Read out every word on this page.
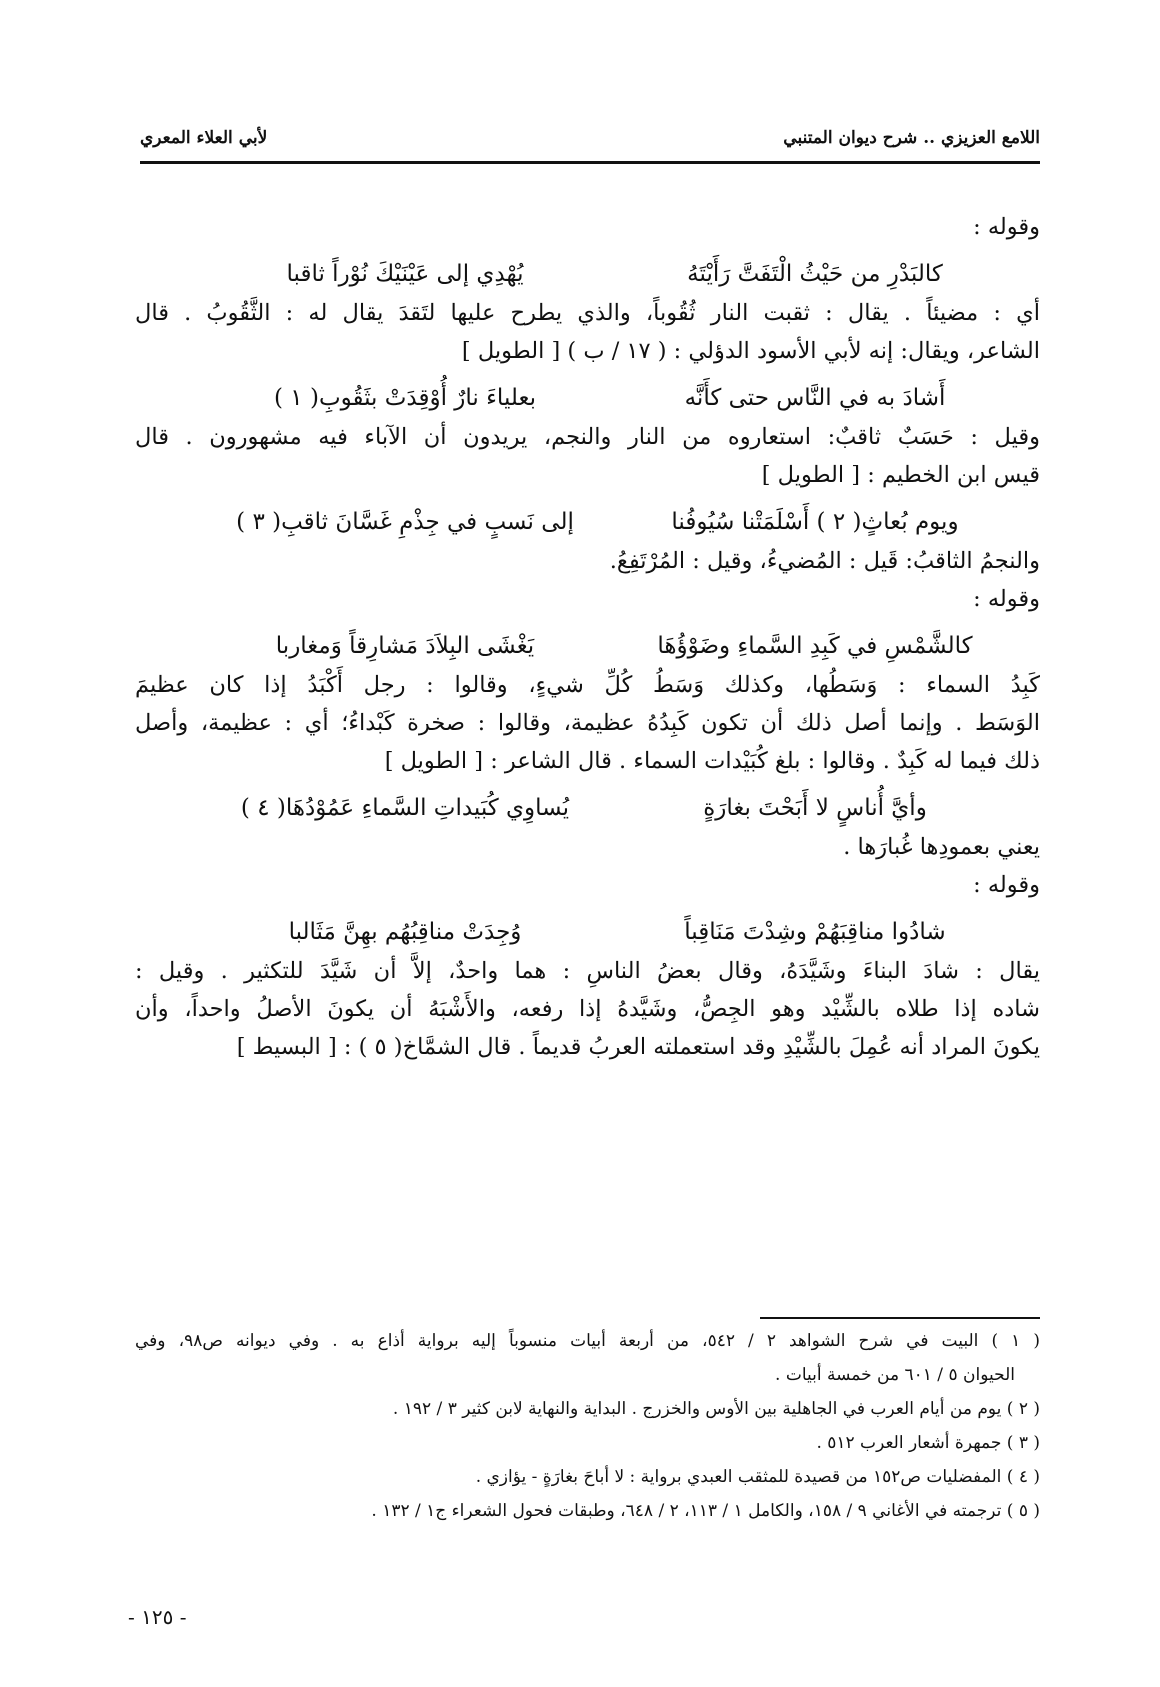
اللامع العزيزي .. شرح ديوان المتنبي
لأبي العلاء المعري
وقوله :
كالبَدْرِ من حَيْثُ الْتَفَتَّ رَأَيْتَهُ
يُهْدِي إلى عَيْنَيْكَ نُوْراً ثاقبا
أي : مضيئاً . يقال : ثقبت النار ثُقُوباً، والذي يطرح عليها لتَقدَ يقال له : الثَّقُوبُ . قال
الشاعر، ويقال: إنه لأبي الأسود الدؤلي : ( ١٧ / ب ) [ الطويل ]
أَشادَ به في النَّاس حتى كأَنَّه
بعلياءَ نارٌ أُوْقِدَتْ بثَقُوبِ( ١ )
وقيل : حَسَبٌ ثاقبٌ: استعاروه من النار والنجم، يريدون أن الآباء فيه مشهورون . قال
قيس ابن الخطيم : [ الطويل ]
ويوم بُعاثٍ( ٢ ) أَسْلَمَتْنا سُيُوفُنا
إلى نَسبٍ في جِذْمِ غَسَّانَ ثاقبِ( ٣ )
والنجمُ الثاقبُ: قَيل : المُضيءُ، وقيل : المُرْتَفِعُ.
وقوله :
كالشَّمْسِ في كَبِدِ السَّماءِ وضَوْؤُهَا
يَغْشَى البِلاَدَ مَشارِقاً وَمغاربا
كَبِدُ السماء : وَسَطُها، وكذلك وَسَطُ كُلِّ شيءٍ، وقالوا : رجل أَكْبَدُ إذا كان عظيمَ
الوَسَط . وإنما أصل ذلك أن تكون كَبِدُهُ عظيمة، وقالوا : صخرة كَبْداءُ؛ أي : عظيمة، وأصل
ذلك فيما له كَبِدٌ . وقالوا : بلغ كُبَيْدات السماء . قال الشاعر : [ الطويل ]
وأيَّ أُناسٍ لا أَبَحْتَ بغارَةٍ
يُساوِي كُبَيداتِ السَّماءِ عَمُوْدُهَا( ٤ )
يعني بعمودِها غُبارَها .
وقوله :
شادُوا مناقِبَهُمْ وشِدْتَ مَنَاقِباً
وُجِدَتْ مناقِبُهُم بهِنَّ مَثَالبا
يقال : شادَ البناءَ وشَيَّدَهُ، وقال بعضُ الناسِ : هما واحدٌ، إلاَّ أن شَيَّدَ للتكثير . وقيل :
شاده إذا طلاه بالشِّيْد وهو الجِصُّ، وشَيَّدهُ إذا رفعه، والأَشْبَهُ أن يكونَ الأصلُ واحداً، وأن
يكونَ المراد أنه عُمِلَ بالشِّيْدِ وقد استعملته العربُ قديماً . قال الشمَّاخ( ٥ ) : [ البسيط ]
( ١ ) البيت في شرح الشواهد ٢ / ٥٤٢، من أربعة أبيات منسوباً إليه برواية أذاع به . وفي ديوانه ص٩٨، وفي
الحيوان ٥ / ٦٠١ من خمسة أبيات .
( ٢ ) يوم من أيام العرب في الجاهلية بين الأوس والخزرج . البداية والنهاية لابن كثير ٣ / ١٩٢ .
( ٣ ) جمهرة أشعار العرب ٥١٢ .
( ٤ ) المفضليات ص١٥٢ من قصيدة للمثقب العبدي برواية : لا أباحَ بغارَةٍ - يؤازي .
( ٥ ) ترجمته في الأغاني ٩ / ١٥٨، والكامل ١ / ١١٣، ٢ / ٦٤٨، وطبقات فحول الشعراء ج١ / ١٣٢ .
- ١٢٥ -
